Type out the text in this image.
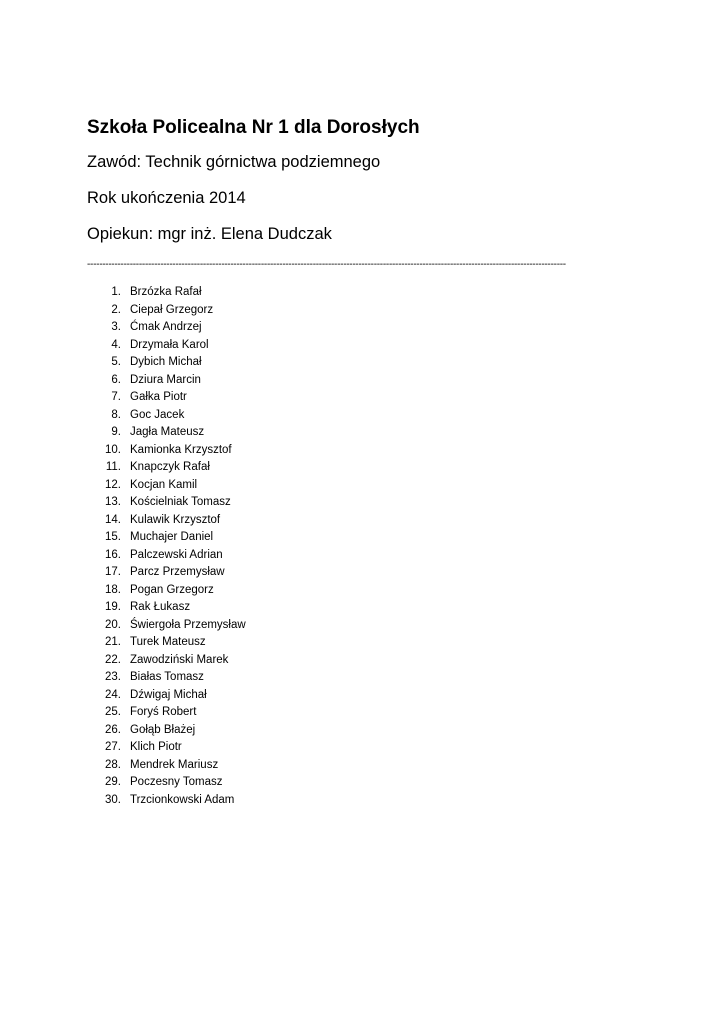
Szkoła Policealna Nr 1 dla Dorosłych

Zawód: Technik górnictwa podziemnego

Rok ukończenia 2014

Opiekun: mgr inż. Elena Dudczak

-------------------------------------------------------------------------------------------------------------------------------------------------------------
1. Brzózka Rafał
2. Ciepał Grzegorz
3. Ćmak Andrzej
4. Drzymała Karol
5. Dybich Michał
6. Dziura Marcin
7. Gałka Piotr
8. Goc Jacek
9. Jagła Mateusz
10. Kamionka Krzysztof
11. Knapczyk Rafał
12. Kocjan Kamil
13. Kościelniak Tomasz
14. Kulawik Krzysztof
15. Muchajer Daniel
16. Palczewski Adrian
17. Parcz Przemysław
18. Pogan Grzegorz
19. Rak Łukasz
20. Świergoła Przemysław
21. Turek Mateusz
22. Zawodziński Marek
23. Białas Tomasz
24. Dźwigaj Michał
25. Foryś Robert
26. Gołąb Błażej
27. Klich Piotr
28. Mendrek Mariusz
29. Poczesny Tomasz
30. Trzcionkowski Adam
